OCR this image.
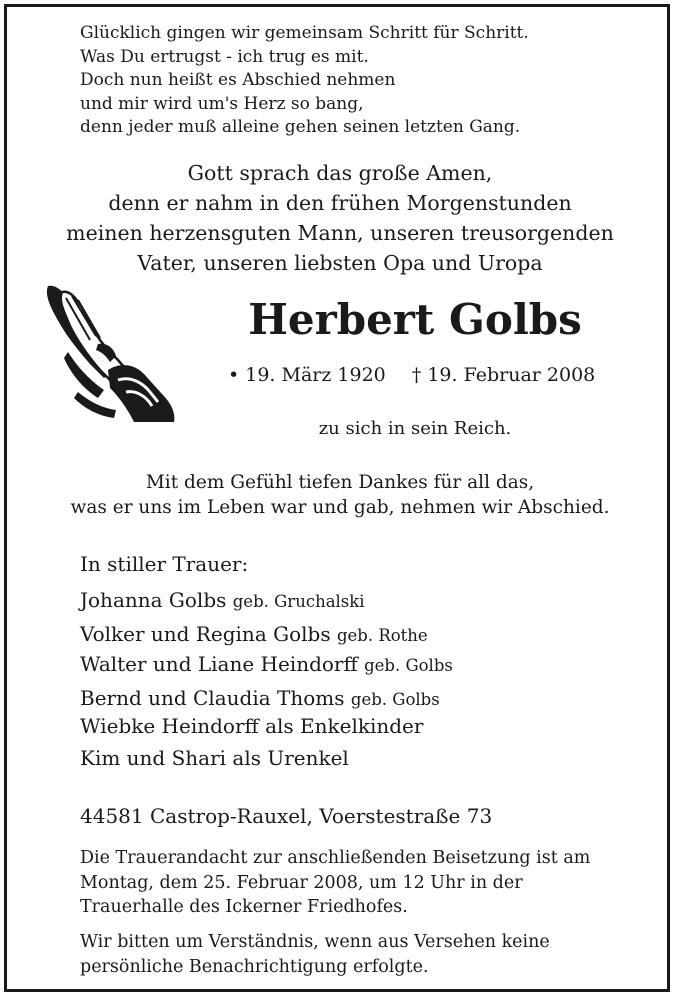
Glücklich gingen wir gemeinsam Schritt für Schritt.
Was Du ertrugst - ich trug es mit.
Doch nun heißt es Abschied nehmen
und mir wird um's Herz so bang,
denn jeder muß alleine gehen seinen letzten Gang.
Gott sprach das große Amen,
denn er nahm in den frühen Morgenstunden
meinen herzensguten Mann, unseren treusorgenden
Vater, unseren liebsten Opa und Uropa
Herbert Golbs
• 19. März 1920 † 19. Februar 2008
zu sich in sein Reich.
Mit dem Gefühl tiefen Dankes für all das,
was er uns im Leben war und gab, nehmen wir Abschied.
In stiller Trauer:
Johanna Golbs geb. Gruchalski
Volker und Regina Golbs geb. Rothe
Walter und Liane Heindorff geb. Golbs
Bernd und Claudia Thoms geb. Golbs
Wiebke Heindorff als Enkelkinder
Kim und Shari als Urenkel
44581 Castrop-Rauxel, Voerstestraße 73
Die Trauerandacht zur anschließenden Beisetzung ist am
Montag, dem 25. Februar 2008, um 12 Uhr in der
Trauerhalle des Ickerner Friedhofes.
Wir bitten um Verständnis, wenn aus Versehen keine
persönliche Benachrichtigung erfolgte.
